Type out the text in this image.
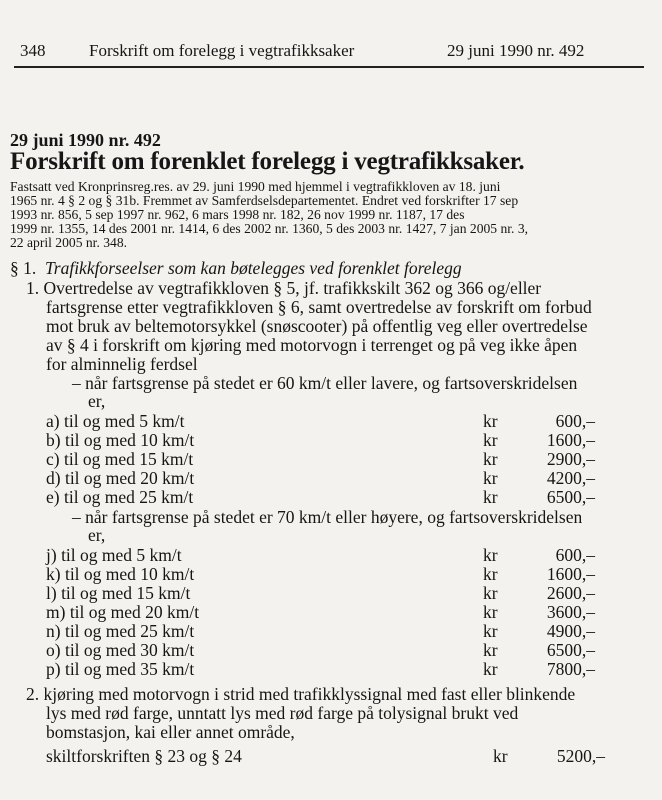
348	Forskrift om forelegg i vegtrafikksaker	29 juni 1990 nr. 492
29 juni 1990 nr. 492
Forskrift om forenklet forelegg i vegtrafikksaker.
Fastsatt ved Kronprinsreg.res. av 29. juni 1990 med hjemmel i vegtrafikkloven av 18. juni
1965 nr. 4 § 2 og § 31b. Fremmet av Samferdselsdepartementet. Endret ved forskrifter 17 sep
1993 nr. 856, 5 sep 1997 nr. 962, 6 mars 1998 nr. 182, 26 nov 1999 nr. 1187, 17 des
1999 nr. 1355, 14 des 2001 nr. 1414, 6 des 2002 nr. 1360, 5 des 2003 nr. 1427, 7 jan 2005 nr. 3,
22 april 2005 nr. 348.
§ 1. Trafikkforseelser som kan bøtelegges ved forenklet forelegg
1. Overtredelse av vegtrafikkloven § 5, jf. trafikkskilt 362 og 366 og/eller
fartsgrense etter vegtrafikkloven § 6, samt overtredelse av forskrift om forbud
mot bruk av beltemotorsykkel (snøscooter) på offentlig veg eller overtredelse
av § 4 i forskrift om kjøring med motorvogn i terrenget og på veg ikke åpen
for alminnelig ferdsel
– når fartsgrense på stedet er 60 km/t eller lavere, og fartsoverskridelsen
er,
a) til og med 5 km/t	kr	600,–
b) til og med 10 km/t	kr	1600,–
c) til og med 15 km/t	kr	2900,–
d) til og med 20 km/t	kr	4200,–
e) til og med 25 km/t	kr	6500,–
– når fartsgrense på stedet er 70 km/t eller høyere, og fartsoverskridelsen
er,
j) til og med 5 km/t	kr	600,–
k) til og med 10 km/t	kr	1600,–
l) til og med 15 km/t	kr	2600,–
m) til og med 20 km/t	kr	3600,–
n) til og med 25 km/t	kr	4900,–
o) til og med 30 km/t	kr	6500,–
p) til og med 35 km/t	kr	7800,–
2. kjøring med motorvogn i strid med trafikklyssignal med fast eller blinkende
lys med rød farge, unntatt lys med rød farge på tolysignal brukt ved
bomstasjon, kai eller annet område,
skiltforskriften § 23 og § 24	kr	5200,–
